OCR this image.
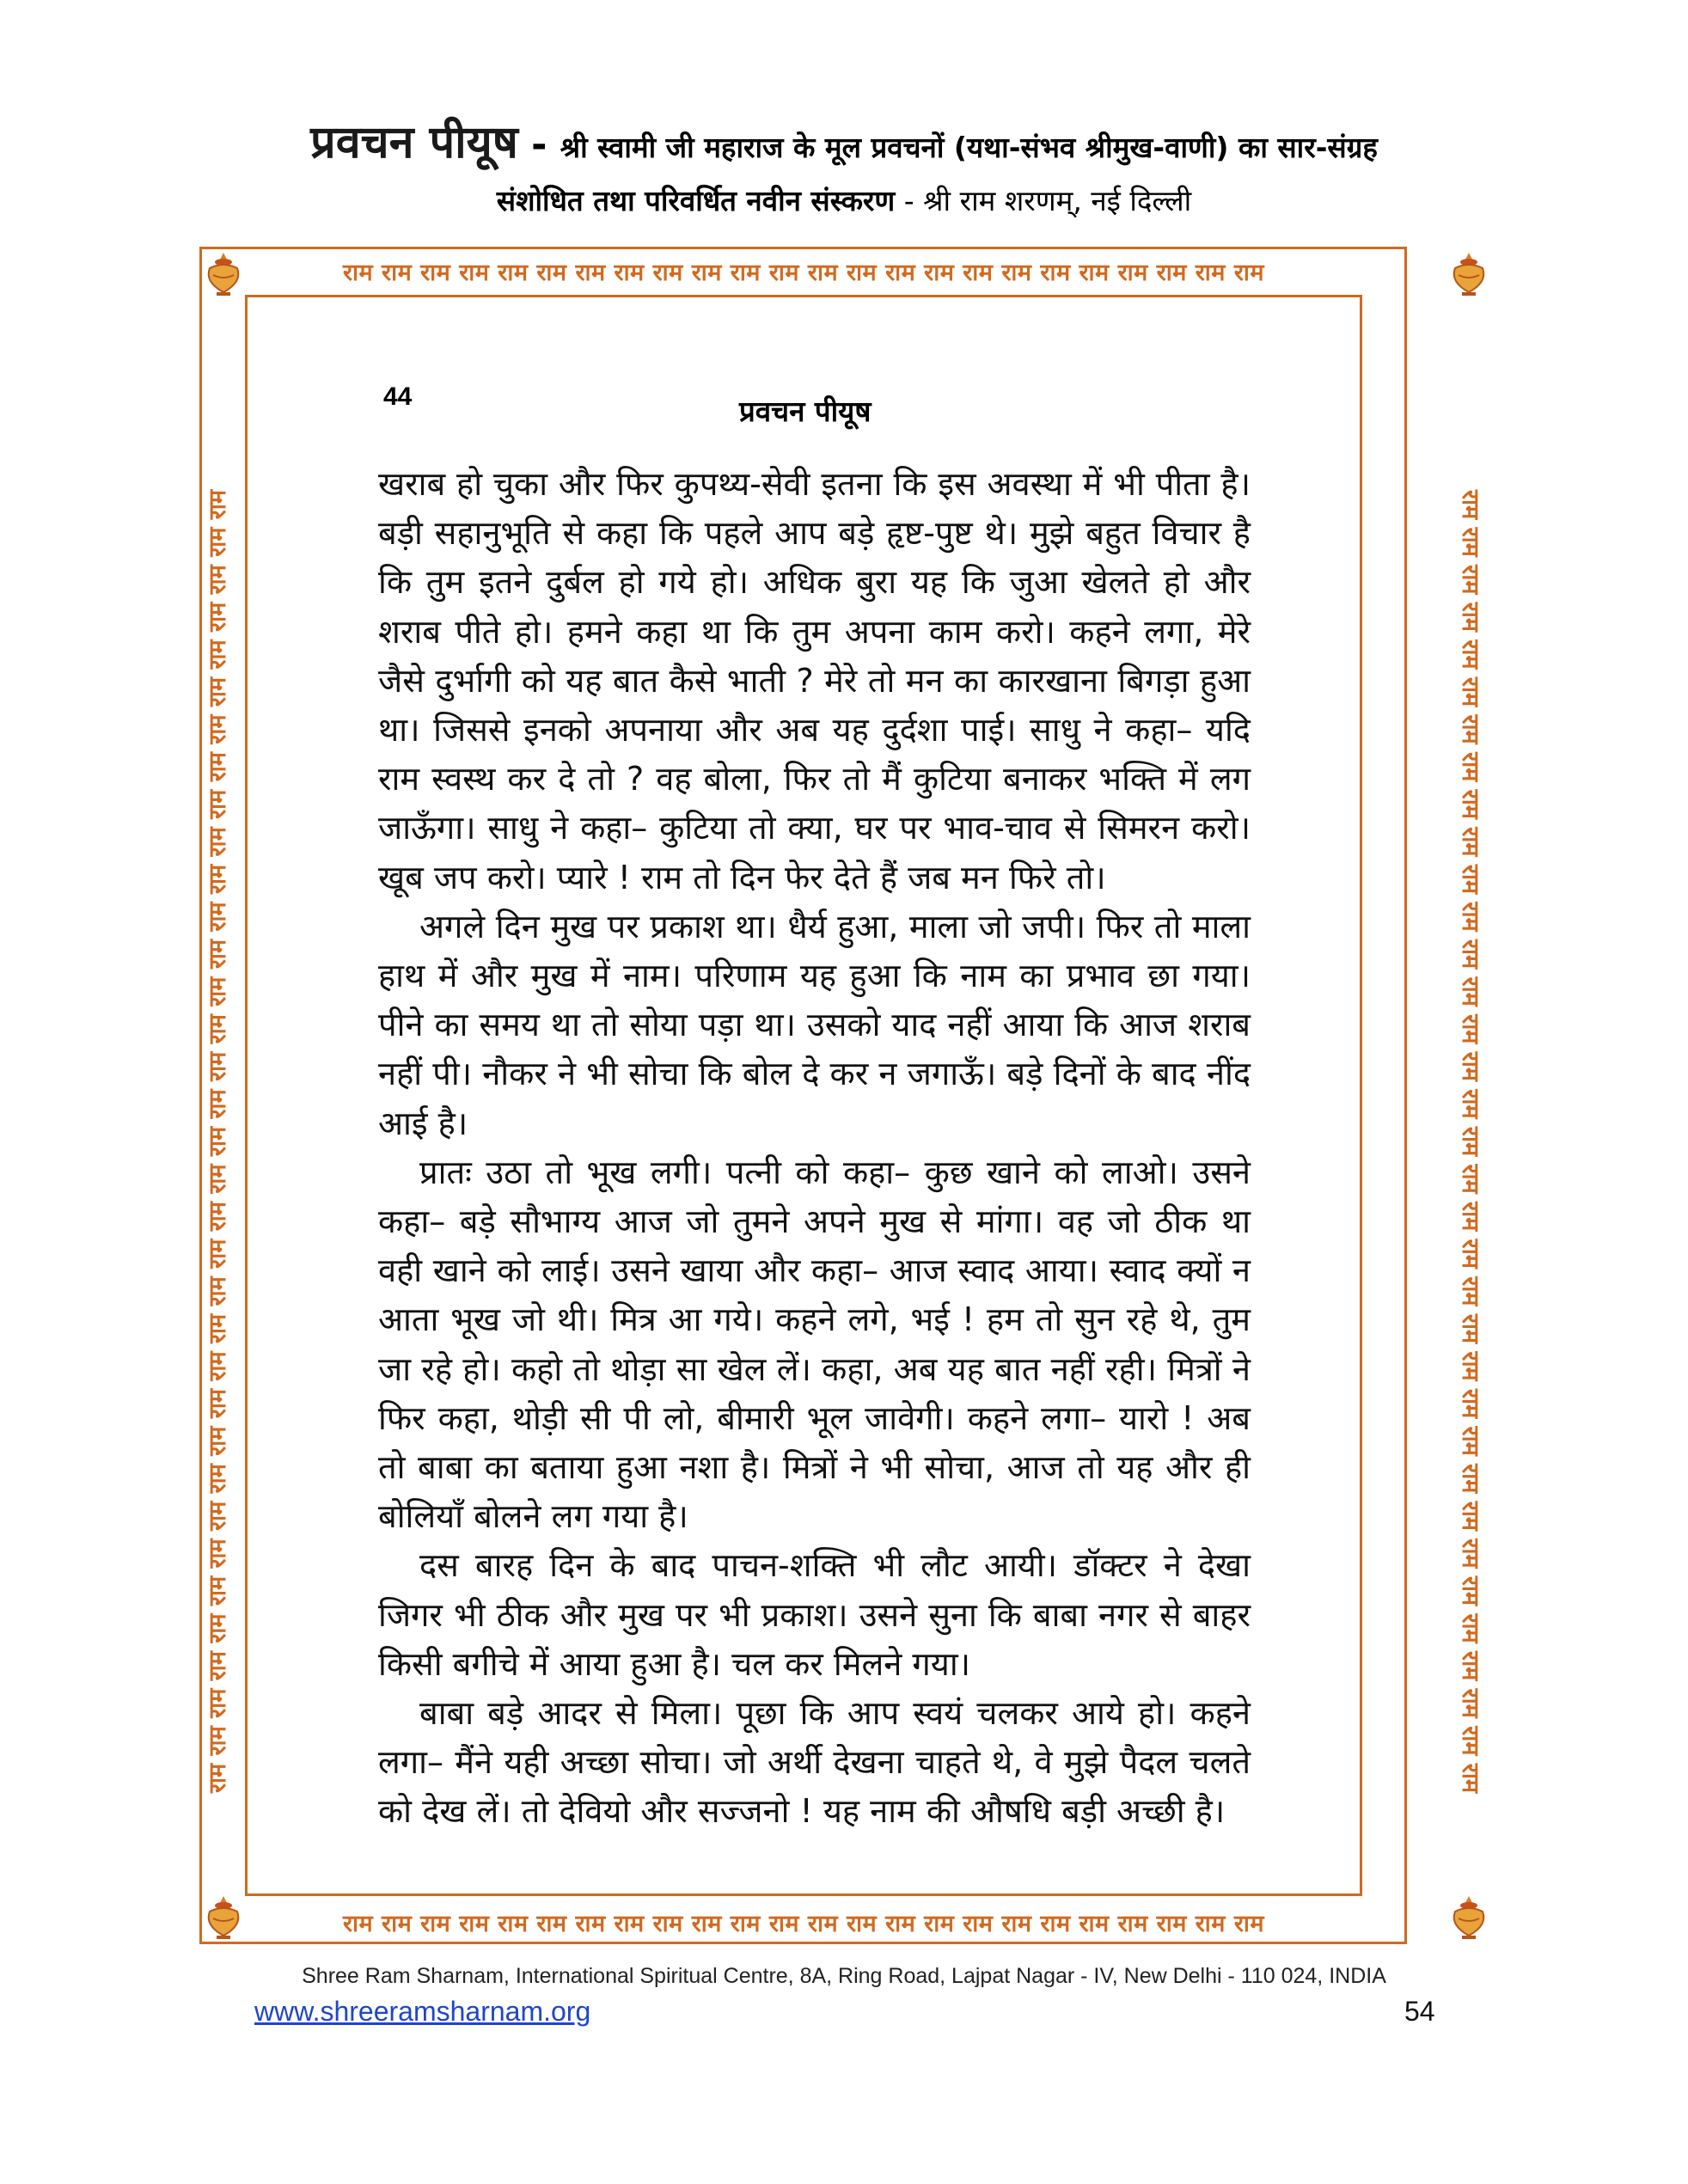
प्रवचन पीयूष - श्री स्वामी जी महाराज के मूल प्रवचनों (यथा-संभव श्रीमुख-वाणी) का सार-संग्रह
संशोधित तथा परिवर्धित नवीन संस्करण - श्री राम शरणम्, नई दिल्ली
राम राम राम राम राम राम राम राम राम राम राम राम राम राम राम राम राम राम राम राम राम राम राम राम
राम राम राम राम राम राम राम राम राम राम राम राम राम राम राम राम राम राम राम राम राम राम राम राम
राम राम राम राम राम राम राम राम राम राम राम राम राम राम राम राम राम राम राम राम राम राम राम राम राम राम राम राम राम राम राम राम राम राम राम	राम राम राम राम राम राम राम राम राम राम राम राम राम राम राम राम राम राम राम राम राम राम राम राम राम राम राम राम राम राम राम राम राम राम राम
44	प्रवचन पीयूष

खराब हो चुका और फिर कुपथ्य-सेवी इतना कि इस अवस्था में भी पीता है। बड़ी सहानुभूति से कहा कि पहले आप बड़े हृष्ट-पुष्ट थे। मुझे बहुत विचार है कि तुम इतने दुर्बल हो गये हो। अधिक बुरा यह कि जुआ खेलते हो और शराब पीते हो। हमने कहा था कि तुम अपना काम करो। कहने लगा, मेरे जैसे दुर्भागी को यह बात कैसे भाती ? मेरे तो मन का कारखाना बिगड़ा हुआ था। जिससे इनको अपनाया और अब यह दुर्दशा पाई। साधु ने कहा– यदि राम स्वस्थ कर दे तो ? वह बोला, फिर तो मैं कुटिया बनाकर भक्ति में लग जाऊँगा। साधु ने कहा– कुटिया तो क्या, घर पर भाव-चाव से सिमरन करो। खूब जप करो। प्यारे ! राम तो दिन फेर देते हैं जब मन फिरे तो।

अगले दिन मुख पर प्रकाश था। धैर्य हुआ, माला जो जपी। फिर तो माला हाथ में और मुख में नाम। परिणाम यह हुआ कि नाम का प्रभाव छा गया। पीने का समय था तो सोया पड़ा था। उसको याद नहीं आया कि आज शराब नहीं पी। नौकर ने भी सोचा कि बोल दे कर न जगाऊँ। बड़े दिनों के बाद नींद आई है।

प्रातः उठा तो भूख लगी। पत्नी को कहा– कुछ खाने को लाओ। उसने कहा– बड़े सौभाग्य आज जो तुमने अपने मुख से मांगा। वह जो ठीक था वही खाने को लाई। उसने खाया और कहा– आज स्वाद आया। स्वाद क्यों न आता भूख जो थी। मित्र आ गये। कहने लगे, भई ! हम तो सुन रहे थे, तुम जा रहे हो। कहो तो थोड़ा सा खेल लें। कहा, अब यह बात नहीं रही। मित्रों ने फिर कहा, थोड़ी सी पी लो, बीमारी भूल जावेगी। कहने लगा– यारो ! अब तो बाबा का बताया हुआ नशा है। मित्रों ने भी सोचा, आज तो यह और ही बोलियाँ बोलने लग गया है।

दस बारह दिन के बाद पाचन-शक्ति भी लौट आयी। डॉक्टर ने देखा जिगर भी ठीक और मुख पर भी प्रकाश। उसने सुना कि बाबा नगर से बाहर किसी बगीचे में आया हुआ है। चल कर मिलने गया।

बाबा बड़े आदर से मिला। पूछा कि आप स्वयं चलकर आये हो। कहने लगा– मैंने यही अच्छा सोचा। जो अर्थी देखना चाहते थे, वे मुझे पैदल चलते को देख लें। तो देवियो और सज्जनो ! यह नाम की औषधि बड़ी अच्छी है।

Shree Ram Sharnam, International Spiritual Centre, 8A, Ring Road, Lajpat Nagar - IV, New Delhi - 110 024, INDIA
www.shreeramsharnam.org	54
